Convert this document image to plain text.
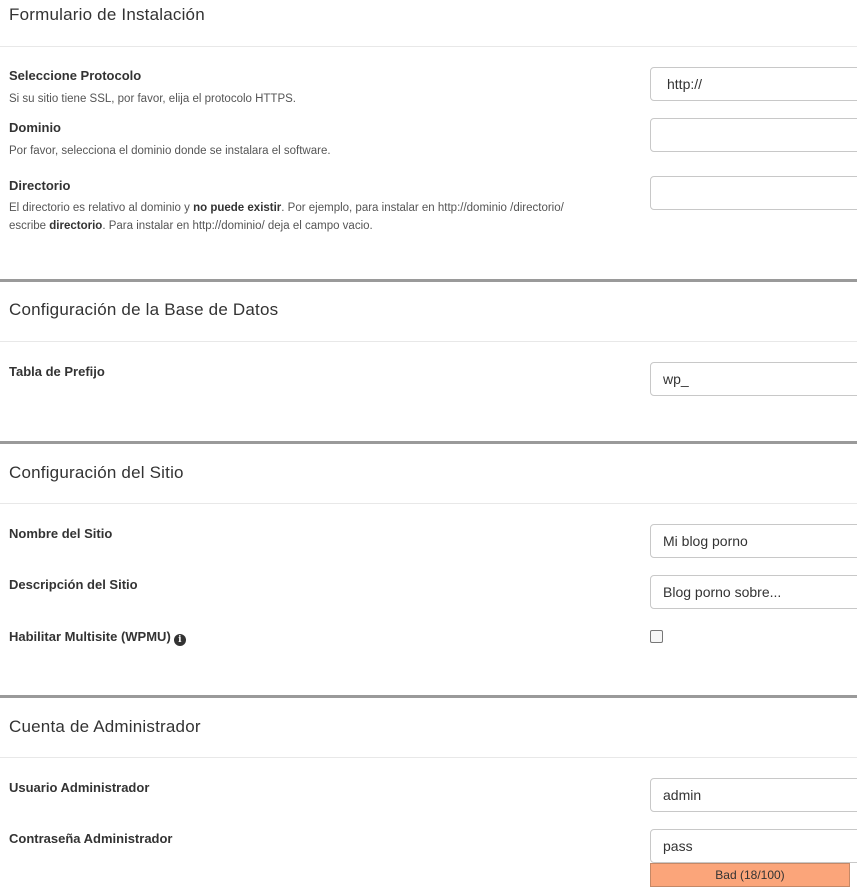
Formulario de Instalación
Seleccione Protocolo
Si su sitio tiene SSL, por favor, elija el protocolo HTTPS.
http://
Dominio
Por favor, selecciona el dominio donde se instalara el software.
Directorio
El directorio es relativo al dominio y no puede existir. Por ejemplo, para instalar en http://dominio /directorio/ escribe directorio. Para instalar en http://dominio/ deja el campo vacio.
Configuración de la Base de Datos
Tabla de Prefijo
wp_
Configuración del Sitio
Nombre del Sitio
Mi blog porno
Descripción del Sitio
Blog porno sobre...
Habilitar Multisite (WPMU) i
Cuenta de Administrador
Usuario Administrador
admin
Contraseña Administrador
pass
Bad (18/100)
